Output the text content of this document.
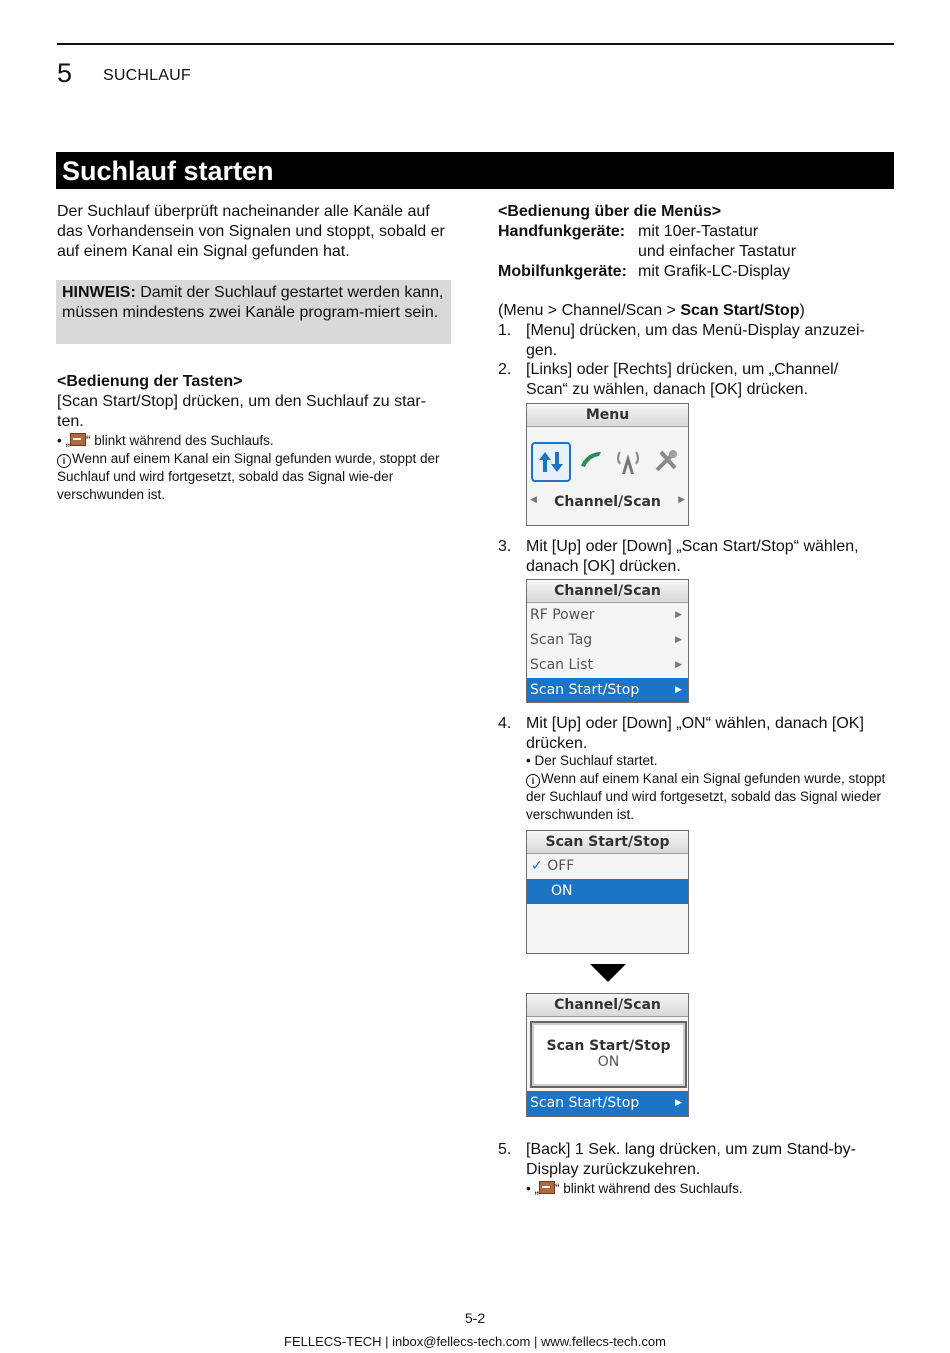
5 SUCHLAUF
Suchlauf starten
Der Suchlauf überprüft nacheinander alle Kanäle auf das Vorhandensein von Signalen und stoppt, sobald er auf einem Kanal ein Signal gefunden hat.
HINWEIS: Damit der Suchlauf gestartet werden kann, müssen mindestens zwei Kanäle program-miert sein.
<Bedienung der Tasten>
[Scan Start/Stop] drücken, um den Suchlauf zu star-ten.
• „ “ blinkt während des Suchlaufs.
i Wenn auf einem Kanal ein Signal gefunden wurde, stoppt der Suchlauf und wird fortgesetzt, sobald das Signal wie-der verschwunden ist.
<Bedienung über die Menüs>
Handfunkgeräte: mit 10er-Tastatur
und einfacher Tastatur
Mobilfunkgeräte: mit Grafik-LC-Display
(Menu > Channel/Scan > Scan Start/Stop)
1. [Menu] drücken, um das Menü-Display anzuzei-gen.
2. [Links] oder [Rechts] drücken, um „Channel/ Scan“ zu wählen, danach [OK] drücken.
Menu
Channel/Scan
◀	▶
3. Mit [Up] oder [Down] „Scan Start/Stop“ wählen, danach [OK] drücken.
Channel/Scan
RF Power	▶
Scan Tag	▶
Scan List	▶
Scan Start/Stop	▶
4. Mit [Up] oder [Down] „ON“ wählen, danach [OK] drücken.
• Der Suchlauf startet.
i Wenn auf einem Kanal ein Signal gefunden wurde, stoppt der Suchlauf und wird fortgesetzt, sobald das Signal wieder verschwunden ist.
Scan Start/Stop
✓ OFF
ON
Channel/Scan
Scan Start/Stop
ON
Scan Start/Stop	▶
5. [Back] 1 Sek. lang drücken, um zum Stand-by-Display zurückzukehren.
• „ “ blinkt während des Suchlaufs.
5-2
FELLECS-TECH | inbox@fellecs-tech.com | www.fellecs-tech.com
